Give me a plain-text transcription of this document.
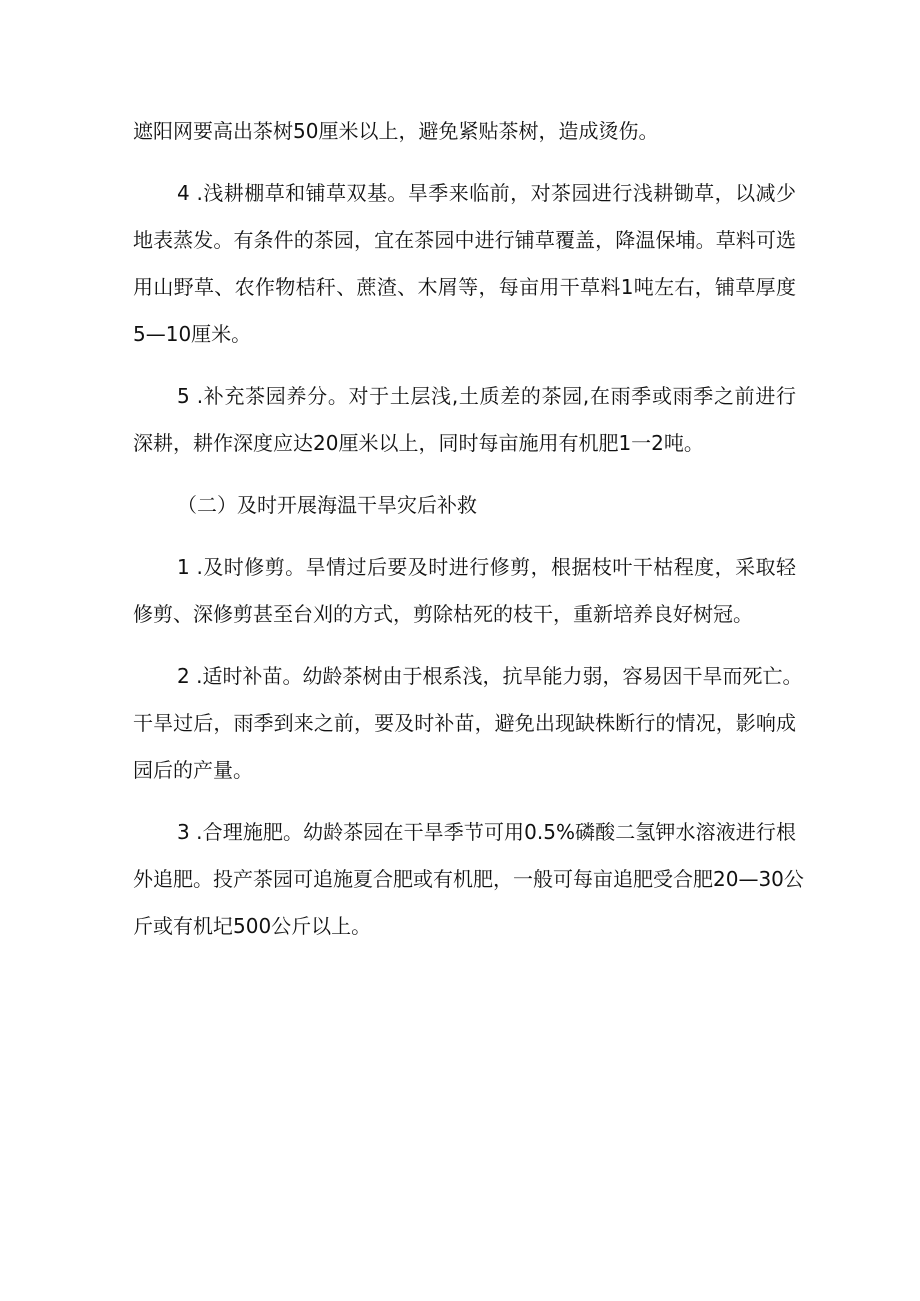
遮阳网要高出茶树50厘米以上，避免紧贴茶树，造成烫伤。
4 .浅耕棚草和铺草双基。旱季来临前，对茶园进行浅耕锄草，以减少
地表蒸发。有条件的茶园，宜在茶园中进行铺草覆盖，降温保埔。草料可选
用山野草、农作物桔秆、蔗渣、木屑等，每亩用干草料1吨左右，铺草厚度
5—10厘米。
5 .补充茶园养分。对于土层浅,土质差的茶园,在雨季或雨季之前进行
深耕，耕作深度应达20厘米以上，同时每亩施用有机肥1一2吨。
（二）及时开展海温干旱灾后补救
1 .及时修剪。旱情过后要及时进行修剪，根据枝叶干枯程度，采取轻
修剪、深修剪甚至台刈的方式，剪除枯死的枝干，重新培养良好树冠。
2 .适时补苗。幼龄茶树由于根系浅，抗旱能力弱，容易因干旱而死亡。
干旱过后，雨季到来之前，要及时补苗，避免出现缺株断行的情况，影响成
园后的产量。
3 .合理施肥。幼龄茶园在干旱季节可用0.5%磷酸二氢钾水溶液进行根
外追肥。投产茶园可追施夏合肥或有机肥，一般可每亩追肥受合肥20—30公
斤或有机圮500公斤以上。
